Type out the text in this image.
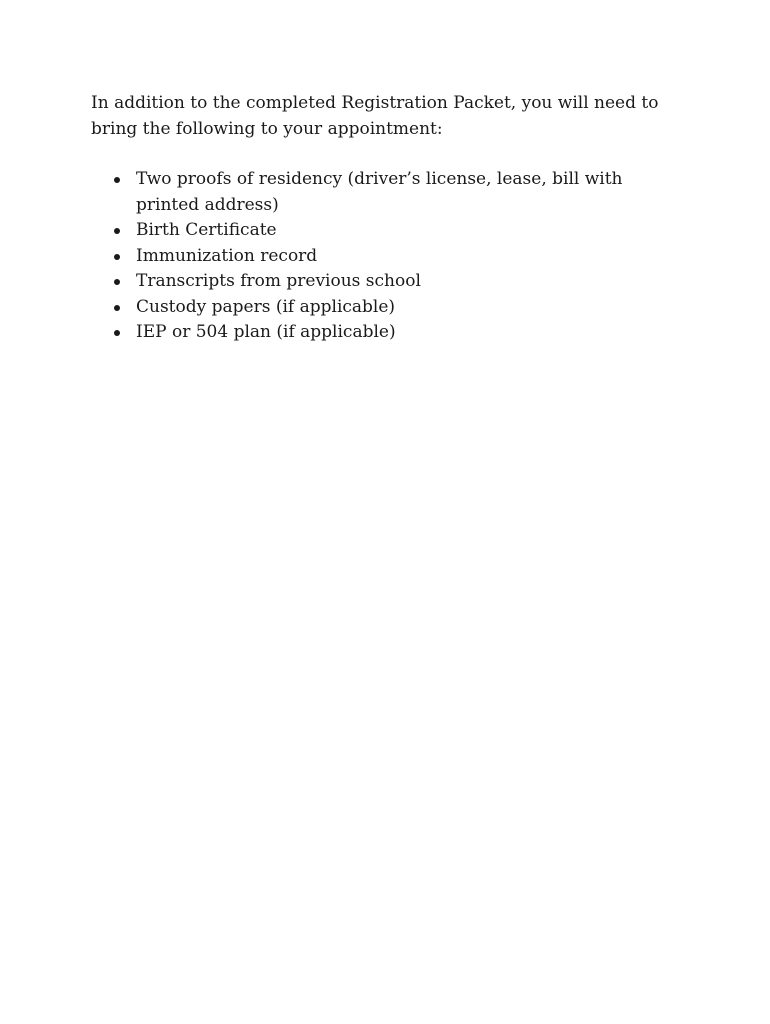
In addition to the completed Registration Packet, you will need to bring the following to your appointment:

Two proofs of residency (driver’s license, lease, bill with printed address)
Birth Certificate
Immunization record
Transcripts from previous school
Custody papers (if applicable)
IEP or 504 plan (if applicable)
